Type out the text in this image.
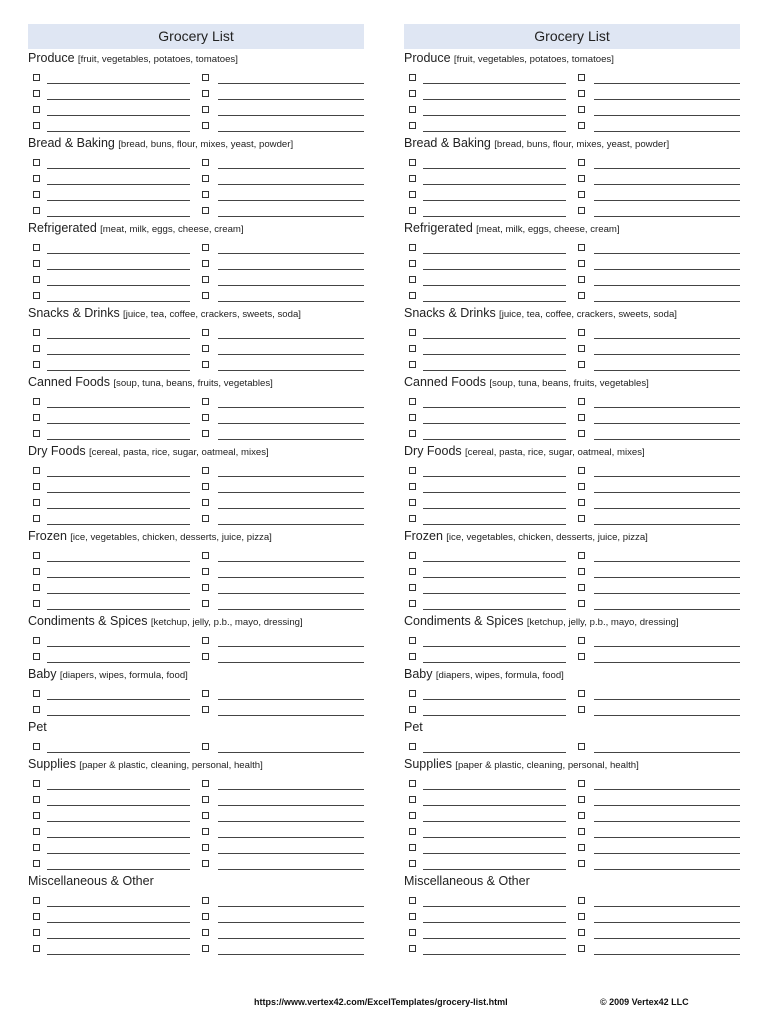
Grocery List
Produce [fruit, vegetables, potatoes, tomatoes]
Bread & Baking [bread, buns, flour, mixes, yeast, powder]
Refrigerated [meat, milk, eggs, cheese, cream]
Snacks & Drinks [juice, tea, coffee, crackers, sweets, soda]
Canned Foods [soup, tuna, beans, fruits, vegetables]
Dry Foods [cereal, pasta, rice, sugar, oatmeal, mixes]
Frozen [ice, vegetables, chicken, desserts, juice, pizza]
Condiments & Spices [ketchup, jelly, p.b., mayo, dressing]
Baby [diapers, wipes, formula, food]
Pet
Supplies [paper & plastic, cleaning, personal, health]
Miscellaneous & Other
Grocery List
Produce [fruit, vegetables, potatoes, tomatoes]
Bread & Baking [bread, buns, flour, mixes, yeast, powder]
Refrigerated [meat, milk, eggs, cheese, cream]
Snacks & Drinks [juice, tea, coffee, crackers, sweets, soda]
Canned Foods [soup, tuna, beans, fruits, vegetables]
Dry Foods [cereal, pasta, rice, sugar, oatmeal, mixes]
Frozen [ice, vegetables, chicken, desserts, juice, pizza]
Condiments & Spices [ketchup, jelly, p.b., mayo, dressing]
Baby [diapers, wipes, formula, food]
Pet
Supplies [paper & plastic, cleaning, personal, health]
Miscellaneous & Other
https://www.vertex42.com/ExcelTemplates/grocery-list.html	© 2009 Vertex42 LLC
